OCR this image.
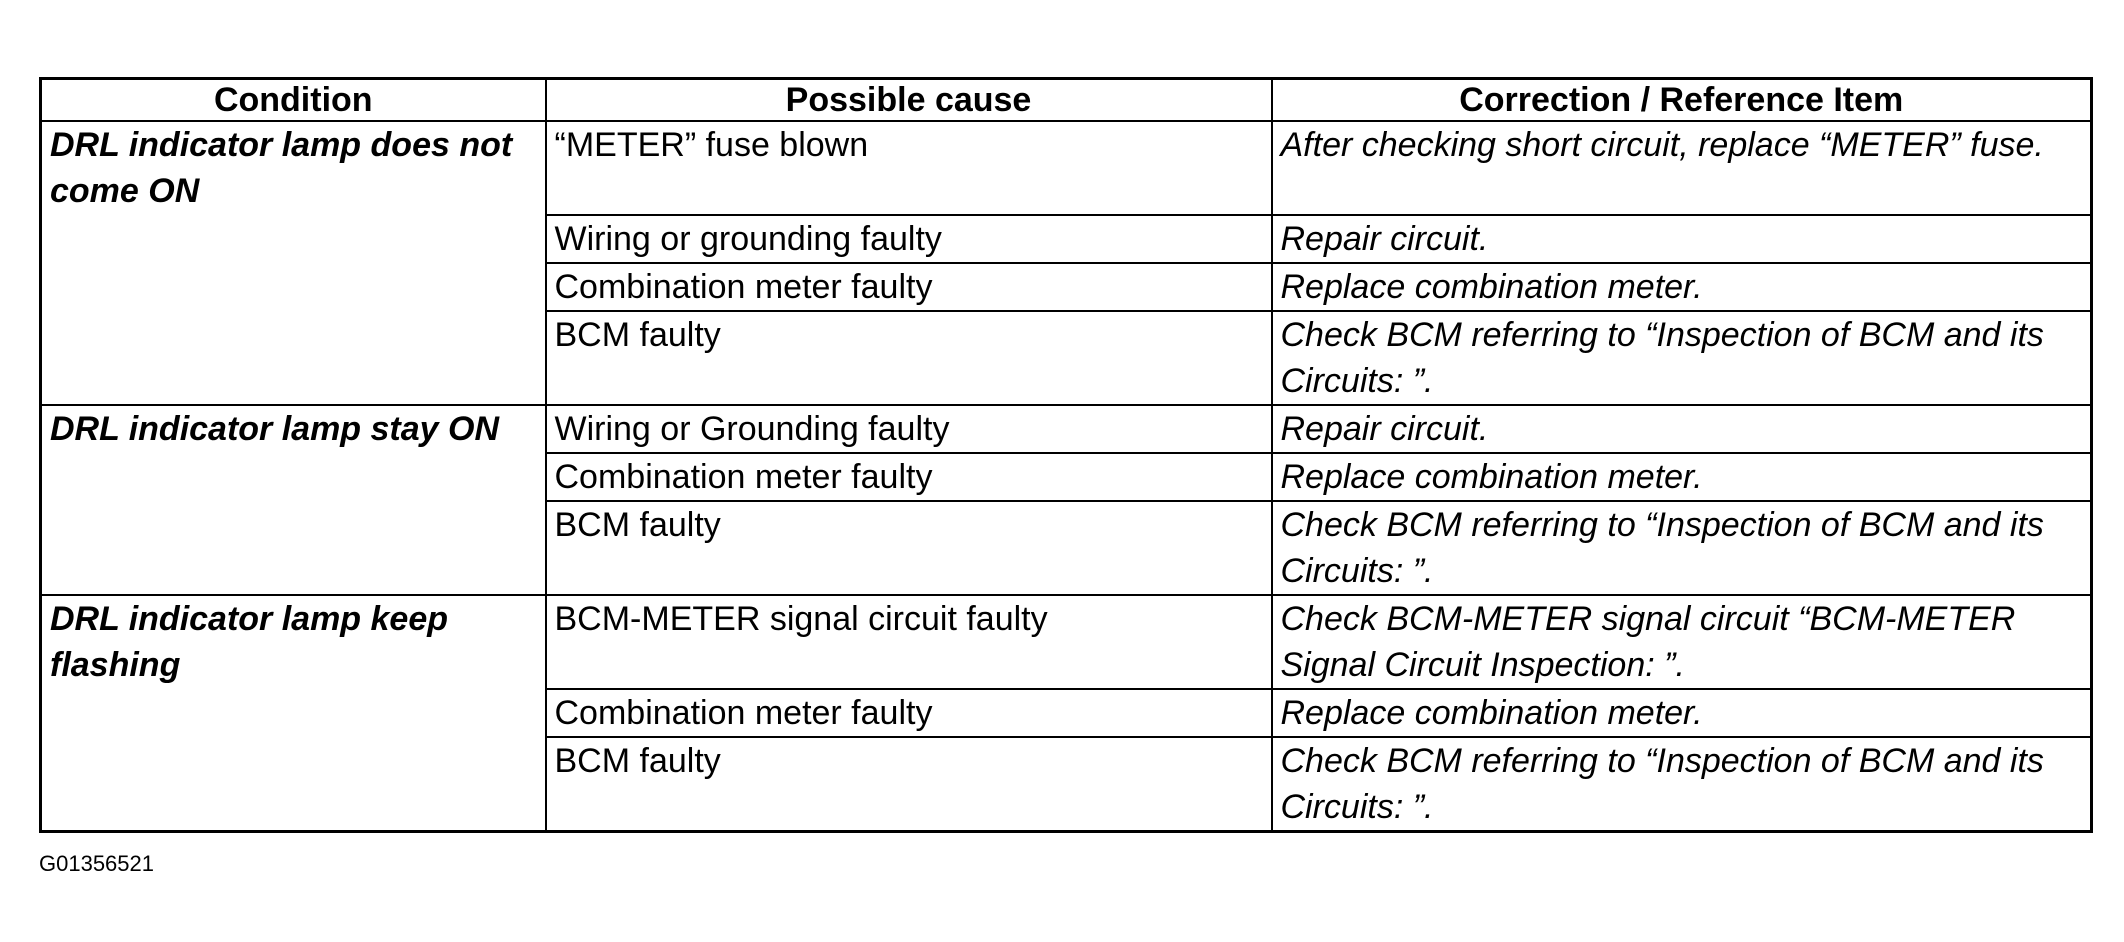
Condition	Possible cause	Correction / Reference Item
DRL indicator lamp does not come ON	“METER” fuse blown	After checking short circuit, replace “METER” fuse.
	Wiring or grounding faulty	Repair circuit.
	Combination meter faulty	Replace combination meter.
	BCM faulty	Check BCM referring to “Inspection of BCM and its Circuits: ”.
DRL indicator lamp stay ON	Wiring or Grounding faulty	Repair circuit.
	Combination meter faulty	Replace combination meter.
	BCM faulty	Check BCM referring to “Inspection of BCM and its Circuits: ”.
DRL indicator lamp keep flashing	BCM-METER signal circuit faulty	Check BCM-METER signal circuit “BCM-METER Signal Circuit Inspection: ”.
	Combination meter faulty	Replace combination meter.
	BCM faulty	Check BCM referring to “Inspection of BCM and its Circuits: ”.
G01356521
